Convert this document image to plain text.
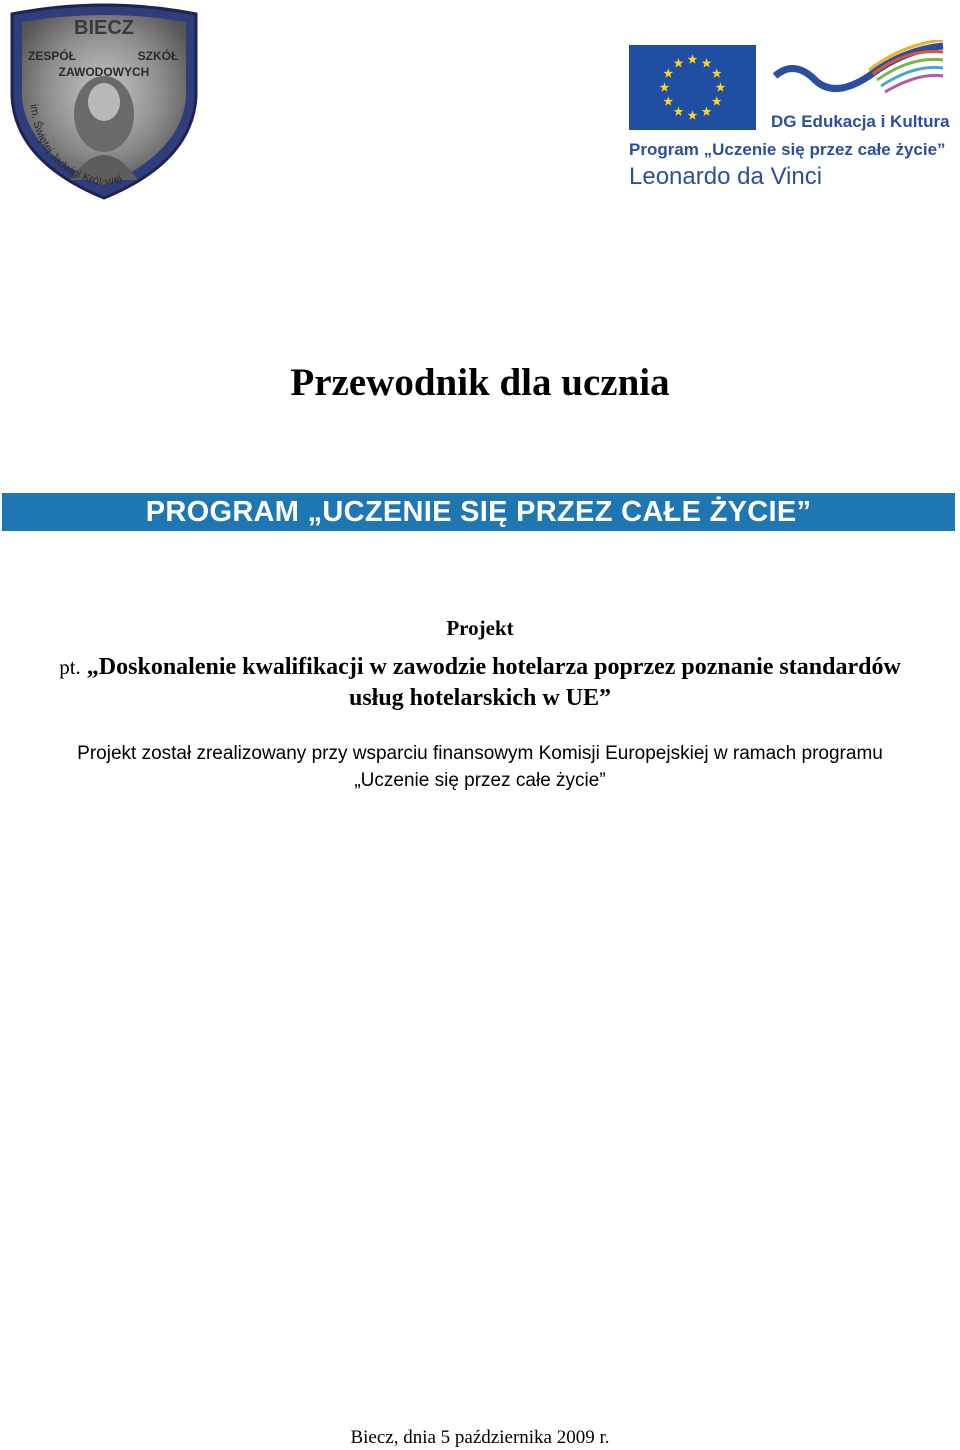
BIECZ
ZESPÓŁ	SZKÓŁ
ZAWODOWYCH
im. Świętej Jadwigi Królowej
DG Edukacja i Kultura
Program „Uczenie się przez całe życie”
Leonardo da Vinci
Przewodnik dla ucznia
PROGRAM „UCZENIE SIĘ PRZEZ CAŁE ŻYCIE”
Projekt
pt. „Doskonalenie kwalifikacji w zawodzie hotelarza poprzez poznanie standardów usług hotelarskich w UE”
Projekt został zrealizowany przy wsparciu finansowym Komisji Europejskiej w ramach programu
„Uczenie się przez całe życie”
Biecz, dnia 5 października 2009 r.
